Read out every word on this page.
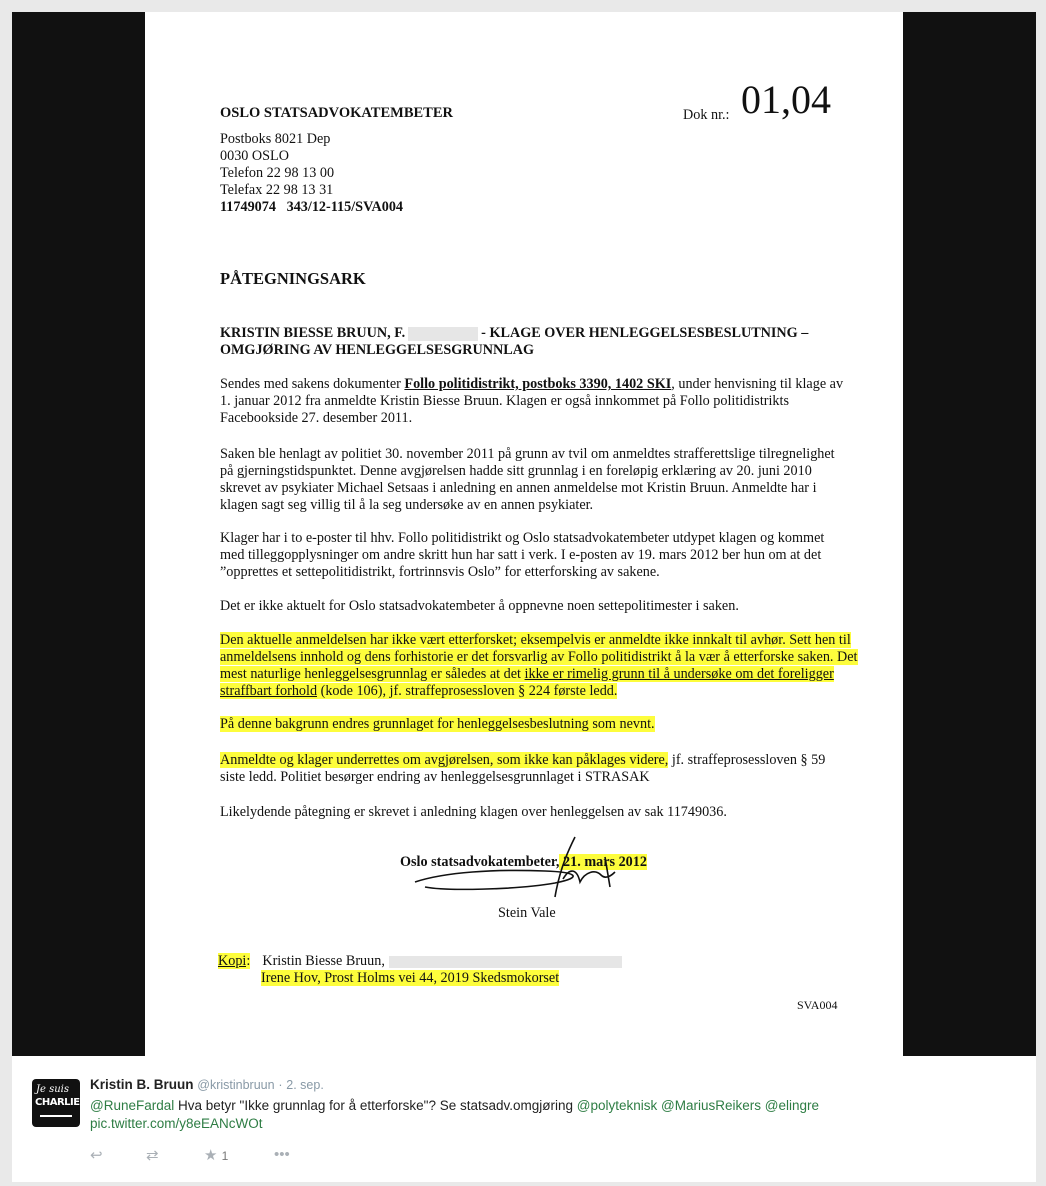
OSLO STATSADVOKATEMBETER
Postboks 8021 Dep
0030 OSLO
Telefon 22 98 13 00
Telefax 22 98 13 31
11749074   343/12-115/SVA004
Dok nr.: 01,04
PÅTEGNINGSARK
KRISTIN BIESSE BRUUN, F.	- KLAGE OVER HENLEGGELSESBESLUTNING –
OMGJØRING AV HENLEGGELSESGRUNNLAG

Sendes med sakens dokumenter Follo politidistrikt, postboks 3390, 1402 SKI, under henvisning til klage av 1. januar 2012 fra anmeldte Kristin Biesse Bruun. Klagen er også innkommet på Follo politidistrikts Facebookside 27. desember 2011.

Saken ble henlagt av politiet 30. november 2011 på grunn av tvil om anmeldtes strafferettslige tilregnelighet på gjerningstidspunktet. Denne avgjørelsen hadde sitt grunnlag i en foreløpig erklæring av 20. juni 2010 skrevet av psykiater Michael Setsaas i anledning en annen anmeldelse mot Kristin Bruun. Anmeldte har i klagen sagt seg villig til å la seg undersøke av en annen psykiater.

Klager har i to e-poster til hhv. Follo politidistrikt og Oslo statsadvokatembeter utdypet klagen og kommet med tilleggopplysninger om andre skritt hun har satt i verk. I e-posten av 19. mars 2012 ber hun om at det ”opprettes et settepolitidistrikt, fortrinnsvis Oslo” for etterforsking av sakene.

Det er ikke aktuelt for Oslo statsadvokatembeter å oppnevne noen settepolitimester i saken.

Den aktuelle anmeldelsen har ikke vært etterforsket; eksempelvis er anmeldte ikke innkalt til avhør. Sett hen til anmeldelsens innhold og dens forhistorie er det forsvarlig av Follo politidistrikt å la vær å etterforske saken. Det mest naturlige henleggelsesgrunnlag er således at det ikke er rimelig grunn til å undersøke om det foreligger straffbart forhold (kode 106), jf. straffeprosessloven § 224 første ledd.

På denne bakgrunn endres grunnlaget for henleggelsesbeslutning som nevnt.

Anmeldte og klager underrettes om avgjørelsen, som ikke kan påklages videre, jf. straffeprosessloven § 59 siste ledd. Politiet besørger endring av henleggelsesgrunnlaget i STRASAK

Likelydende påtegning er skrevet i anledning klagen over henleggelsen av sak 11749036.

Oslo statsadvokatembeter, 21. mars 2012
Stein Vale
Kopi: Kristin Biesse Bruun,
Irene Hov, Prost Holms vei 44, 2019 Skedsmokorset
SVA004
Je suis
CHARLIE
Kristin B. Bruun @kristinbruun · 2. sep.
@RuneFardal Hva betyr "Ikke grunnlag for å etterforske"? Se statsadv.omgjøring @polyteknisk @MariusReikers @elingre
pic.twitter.com/y8eEANcWOt
↩	⇄	★ 1	•••
